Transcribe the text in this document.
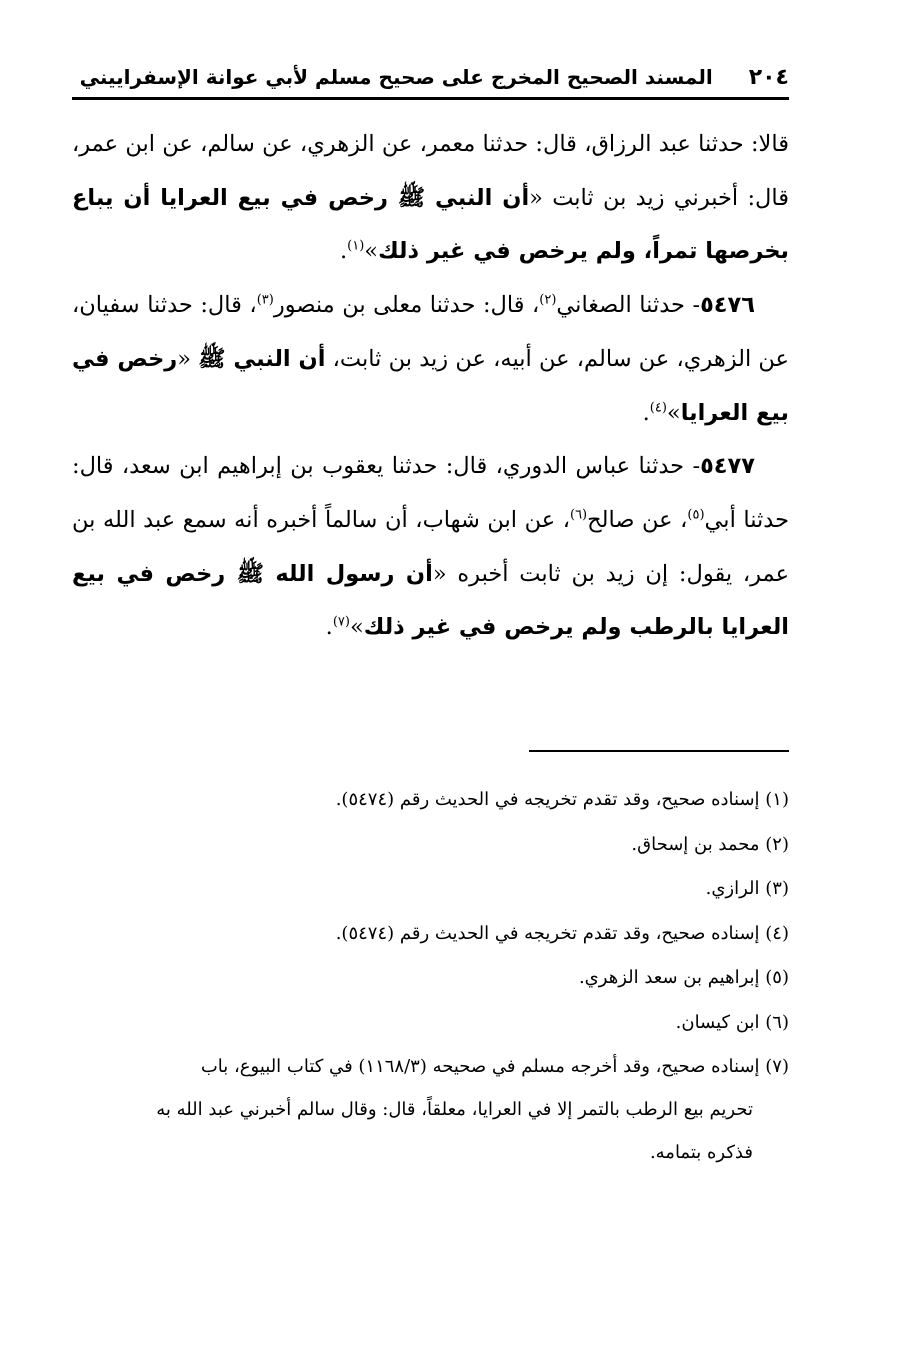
٢٠٤
المسند الصحيح المخرج على صحيح مسلم لأبي عوانة الإسفراييني

قالا: حدثنا عبد الرزاق، قال: حدثنا معمر، عن الزهري، عن سالم، عن ابن عمر، قال: أخبرني زيد بن ثابت «أن النبي ﷺ رخص في بيع العرايا أن يباع بخرصها تمراً، ولم يرخص في غير ذلك»$^{(١)}$.

٥٤٧٦- حدثنا الصغاني$^{(٢)}$، قال: حدثنا معلى بن منصور$^{(٣)}$، قال: حدثنا سفيان، عن الزهري، عن سالم، عن أبيه، عن زيد بن ثابت، أن النبي ﷺ «رخص في بيع العرايا»$^{(٤)}$.

٥٤٧٧- حدثنا عباس الدوري، قال: حدثنا يعقوب بن إبراهيم ابن سعد، قال: حدثنا أبي$^{(٥)}$، عن صالح$^{(٦)}$، عن ابن شهاب، أن سالماً أخبره أنه سمع عبد الله بن عمر، يقول: إن زيد بن ثابت أخبره «أن رسول الله ﷺ رخص في بيع العرايا بالرطب ولم يرخص في غير ذلك»$^{(٧)}$.

(١) إسناده صحيح، وقد تقدم تخريجه في الحديث رقم (٥٤٧٤).
(٢) محمد بن إسحاق.
(٣) الرازي.
(٤) إسناده صحيح، وقد تقدم تخريجه في الحديث رقم (٥٤٧٤).
(٥) إبراهيم بن سعد الزهري.
(٦) ابن كيسان.
(٧) إسناده صحيح، وقد أخرجه مسلم في صحيحه (١١٦٨/٣) في كتاب البيوع، باب
تحريم بيع الرطب بالتمر إلا في العرايا، معلقاً، قال: وقال سالم أخبرني عبد الله به
فذكره بتمامه.
